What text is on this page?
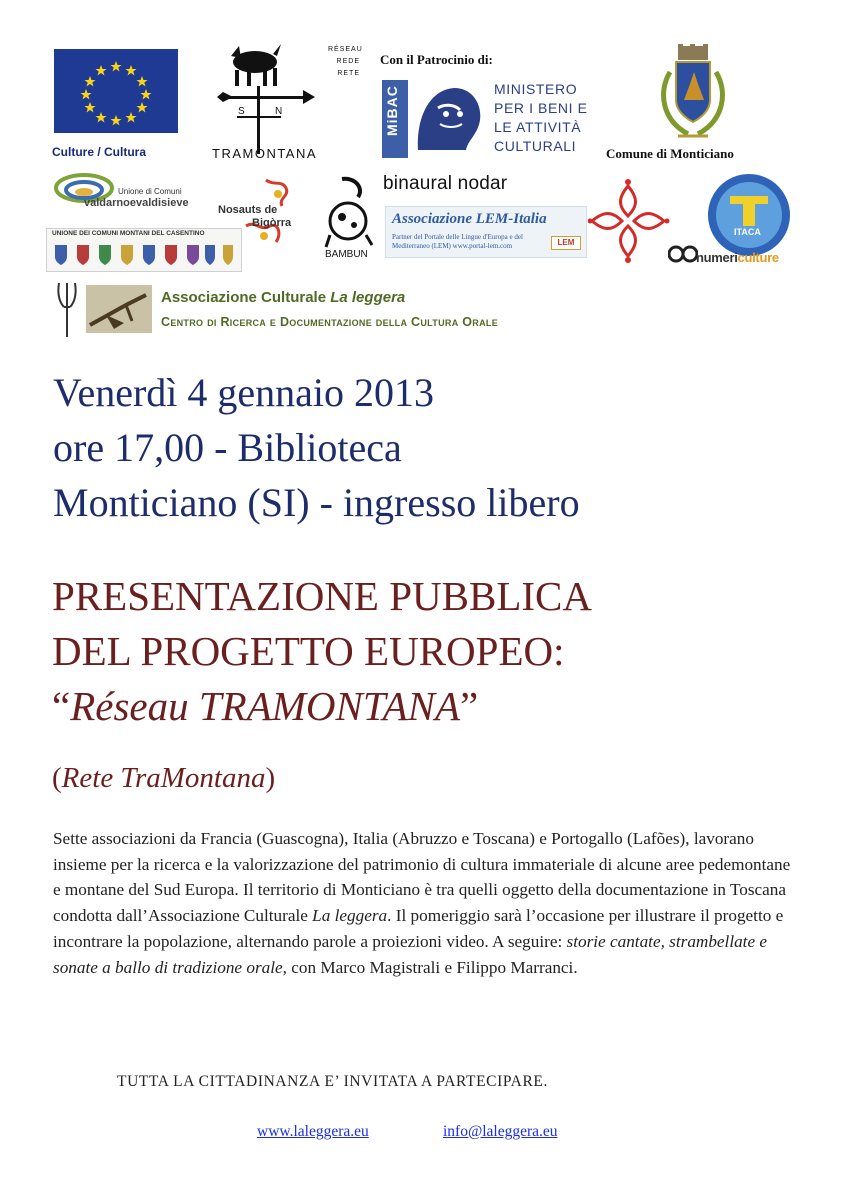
Culture / Cultura
S	N
TRAMONTANA
RÉSEAU
REDE
RETE
Con il Patrocinio di:
MiBAC	MINISTERO
PER I BENI E
LE ATTIVITÀ
CULTURALI	Comune di Monticiano
Unione di Comuni
valdarnoevaldisieve
UNIONE DEI COMUNI MONTANI DEL CASENTINO
Nosauts de
Bigòrra
BAMBUN
binaural nodar
Associazione LEM-Italia
Partner del Portale delle Lingue d'Europa e del Mediterraneo (LEM) www.portal-lem.com	LEM
ITACA
numericulture
Associazione Culturale La leggera
Centro di Ricerca e Documentazione della Cultura Orale
Venerdì 4 gennaio 2013
ore 17,00 - Biblioteca
Monticiano (SI) - ingresso libero
PRESENTAZIONE PUBBLICA
DEL PROGETTO EUROPEO:
“Réseau TRAMONTANA”
(Rete TraMontana)
Sette associazioni da Francia (Guascogna), Italia (Abruzzo e Toscana) e Portogallo (Lafões), lavorano insieme per la ricerca e la valorizzazione del patrimonio di cultura immateriale di alcune aree pedemontane e montane del Sud Europa. Il territorio di Monticiano è tra quelli oggetto della documentazione in Toscana condotta dall’Associazione Culturale La leggera. Il pomeriggio sarà l’occasione per illustrare il progetto e incontrare la popolazione, alternando parole a proiezioni video. A seguire: storie cantate, strambellate e sonate a ballo di tradizione orale, con Marco Magistrali e Filippo Marranci.
TUTTA LA CITTADINANZA E’ INVITATA A PARTECIPARE.
www.laleggera.eu	info@laleggera.eu
